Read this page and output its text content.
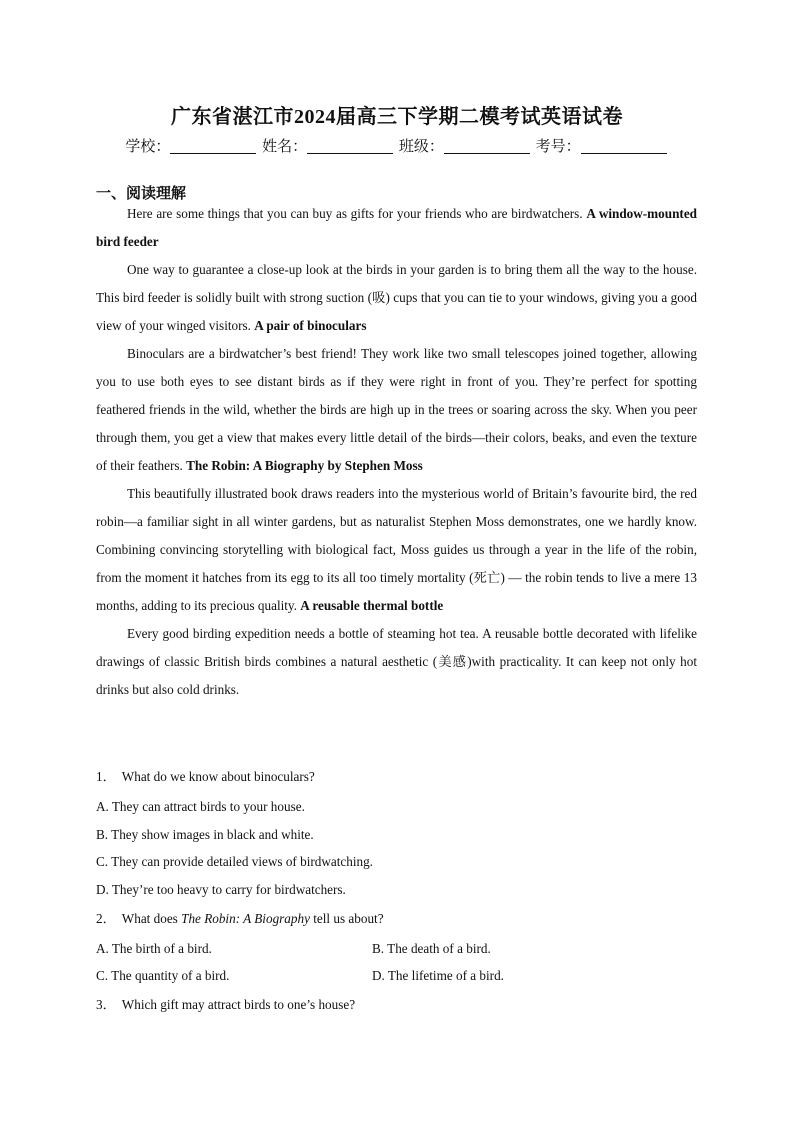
广东省湛江市2024届高三下学期二模考试英语试卷
学校：	姓名：	班级：	考号：
一、阅读理解

Here are some things that you can buy as gifts for your friends who are birdwatchers. A window-mounted bird feeder

One way to guarantee a close-up look at the birds in your garden is to bring them all the way to the house. This bird feeder is solidly built with strong suction (吸) cups that you can tie to your windows, giving you a good view of your winged visitors. A pair of binoculars

Binoculars are a birdwatcher’s best friend! They work like two small telescopes joined together, allowing you to use both eyes to see distant birds as if they were right in front of you. They’re perfect for spotting feathered friends in the wild, whether the birds are high up in the trees or soaring across the sky. When you peer through them, you get a view that makes every little detail of the birds—their colors, beaks, and even the texture of their feathers. The Robin: A Biography by Stephen Moss

This beautifully illustrated book draws readers into the mysterious world of Britain’s favourite bird, the red robin—a familiar sight in all winter gardens, but as naturalist Stephen Moss demonstrates, one we hardly know. Combining convincing storytelling with biological fact, Moss guides us through a year in the life of the robin, from the moment it hatches from its egg to its all too timely mortality (死亡) — the robin tends to live a mere 13 months, adding to its precious quality. A reusable thermal bottle

Every good birding expedition needs a bottle of steaming hot tea. A reusable bottle decorated with lifelike drawings of classic British birds combines a natural aesthetic (美感)with practicality. It can keep not only hot drinks but also cold drinks.

1． What do we know about binoculars?
A. They can attract birds to your house.
B. They show images in black and white.
C. They can provide detailed views of birdwatching.
D. They’re too heavy to carry for birdwatchers.
2． What does The Robin: A Biography tell us about?
A. The birth of a bird.	B. The death of a bird.
C. The quantity of a bird.	D. The lifetime of a bird.
3． Which gift may attract birds to one’s house?
